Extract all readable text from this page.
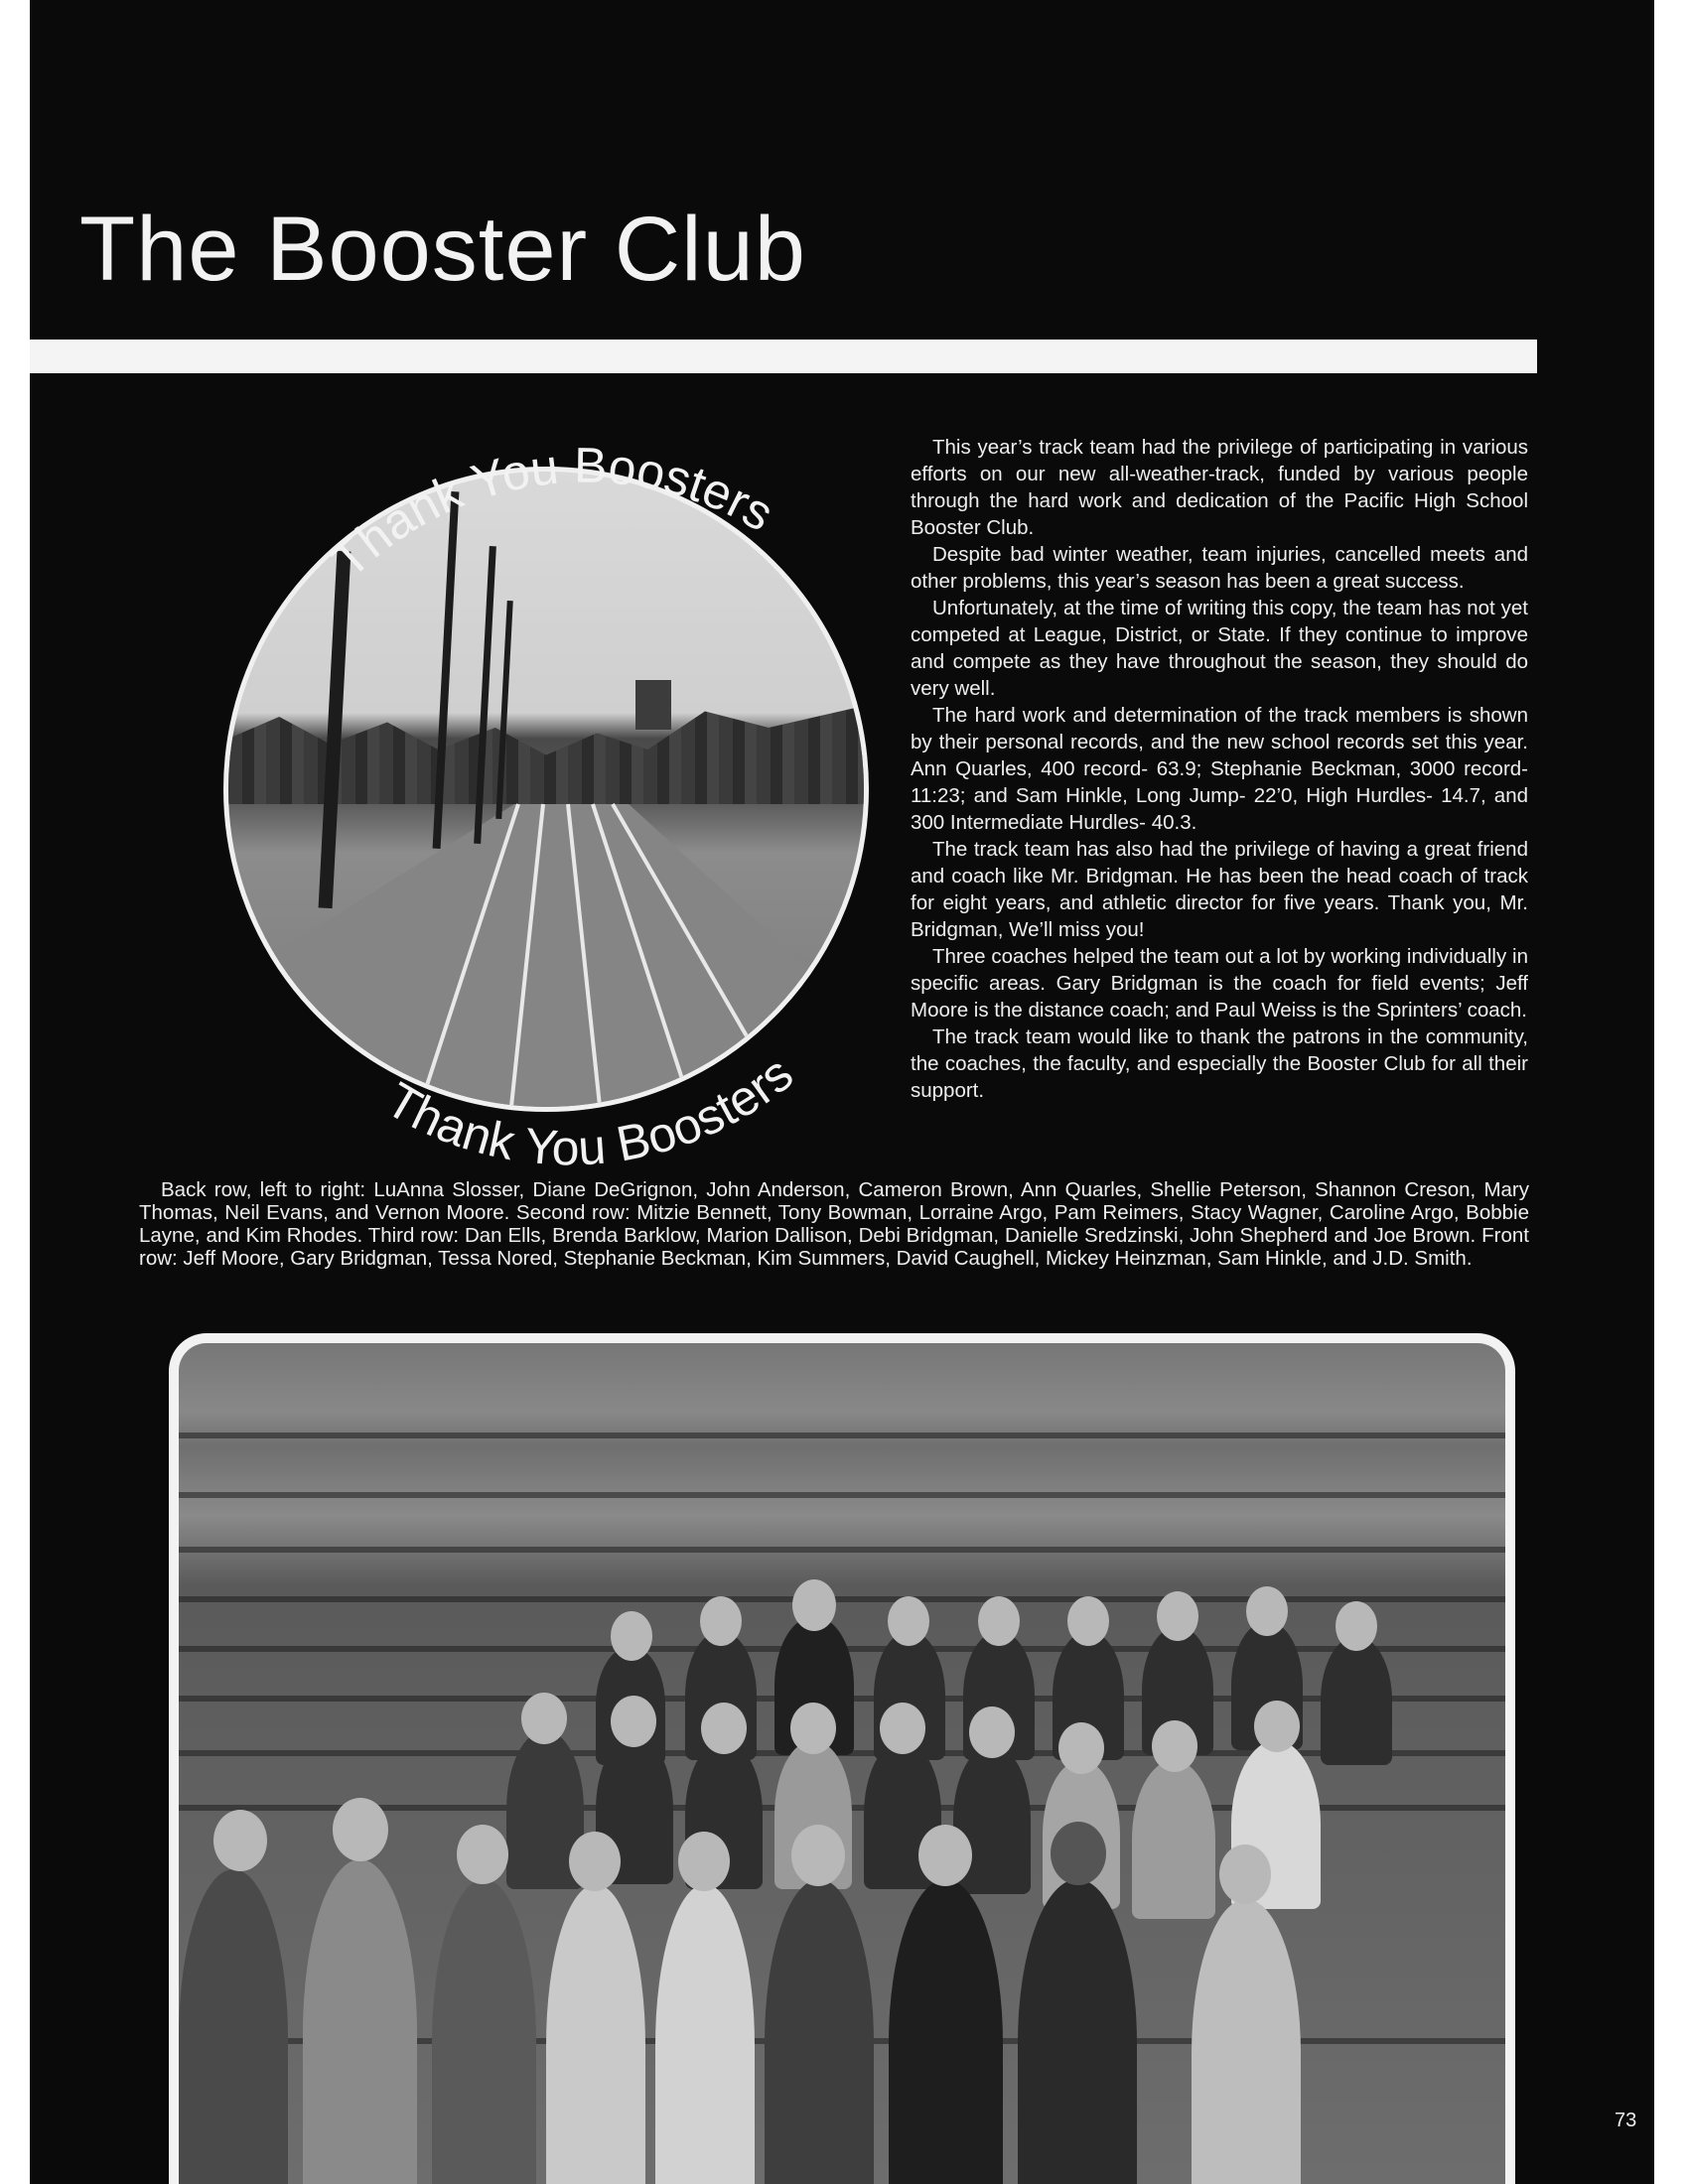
The Booster Club
Thank You Boosters
Thank You Boosters

This year’s track team had the privilege of participating in various efforts on our new all-weather-track, funded by various people through the hard work and dedication of the Pacific High School Booster Club.

Despite bad winter weather, team injuries, cancelled meets and other problems, this year’s season has been a great success.

Unfortunately, at the time of writing this copy, the team has not yet competed at League, District, or State. If they continue to improve and compete as they have throughout the season, they should do very well.

The hard work and determination of the track members is shown by their personal records, and the new school records set this year. Ann Quarles, 400 record- 63.9; Stephanie Beckman, 3000 record- 11:23; and Sam Hinkle, Long Jump- 22’0, High Hurdles- 14.7, and 300 Intermediate Hurdles- 40.3.

The track team has also had the privilege of having a great friend and coach like Mr. Bridgman. He has been the head coach of track for eight years, and athletic director for five years. Thank you, Mr. Bridgman, We’ll miss you!

Three coaches helped the team out a lot by working individually in specific areas. Gary Bridgman is the coach for field events; Jeff Moore is the distance coach; and Paul Weiss is the Sprinters’ coach.

The track team would like to thank the patrons in the community, the coaches, the faculty, and especially the Booster Club for all their support.

Back row, left to right: LuAnna Slosser, Diane DeGrignon, John Anderson, Cameron Brown, Ann Quarles, Shellie Peterson, Shannon Creson, Mary Thomas, Neil Evans, and Vernon Moore. Second row: Mitzie Bennett, Tony Bowman, Lorraine Argo, Pam Reimers, Stacy Wagner, Caroline Argo, Bobbie Layne, and Kim Rhodes. Third row: Dan Ells, Brenda Barklow, Marion Dallison, Debi Bridgman, Danielle Sredzinski, John Shepherd and Joe Brown. Front row: Jeff Moore, Gary Bridgman, Tessa Nored, Stephanie Beckman, Kim Summers, David Caughell, Mickey Heinzman, Sam Hinkle, and J.D. Smith.

73
